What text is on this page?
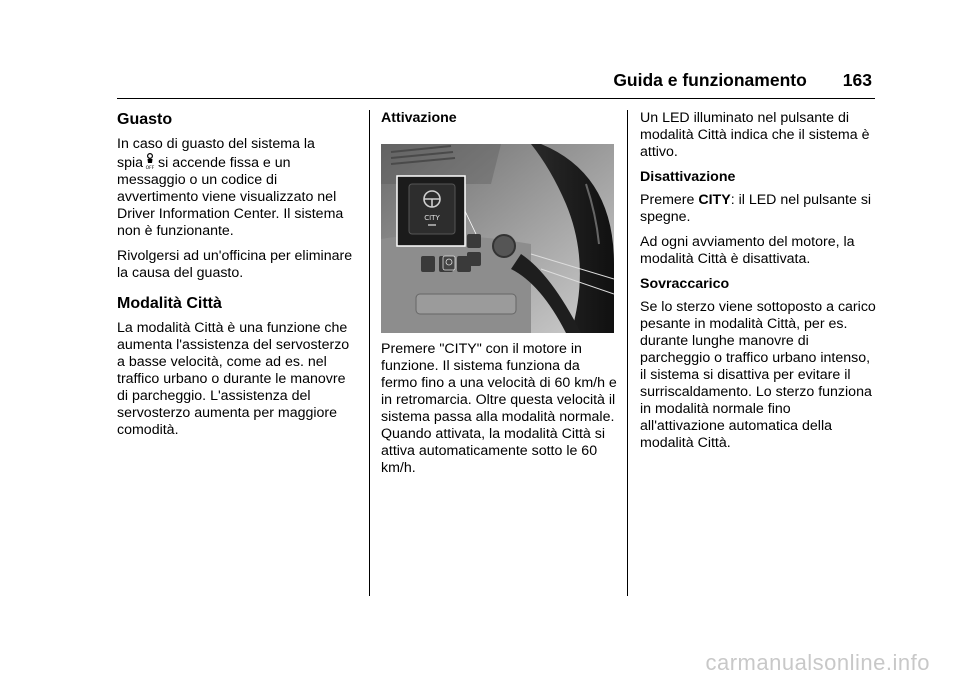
Guida e funzionamento 163
Guasto

In caso di guasto del sistema la
spia OFF si accende fissa e un messaggio o un codice di avvertimento viene visualizzato nel Driver Information Center. Il sistema non è funzionante.

Rivolgersi ad un'officina per eliminare la causa del guasto.

Modalità Città

La modalità Città è una funzione che aumenta l'assistenza del servosterzo a basse velocità, come ad es. nel traffico urbano o durante le manovre di parcheggio. L'assistenza del servosterzo aumenta per maggiore comodità.

Attivazione
CITY

Premere "CITY" con il motore in funzione. Il sistema funziona da fermo fino a una velocità di 60 km/h e in retromarcia. Oltre questa velocità il sistema passa alla modalità normale. Quando attivata, la modalità Città si attiva automaticamente sotto le 60 km/h.

Un LED illuminato nel pulsante di modalità Città indica che il sistema è attivo.

Disattivazione

Premere CITY: il LED nel pulsante si spegne.

Ad ogni avviamento del motore, la modalità Città è disattivata.

Sovraccarico

Se lo sterzo viene sottoposto a carico pesante in modalità Città, per es. durante lunghe manovre di parcheggio o traffico urbano intenso, il sistema si disattiva per evitare il surriscaldamento. Lo sterzo funziona in modalità normale fino all'attivazione automatica della modalità Città.

carmanualsonline.info
